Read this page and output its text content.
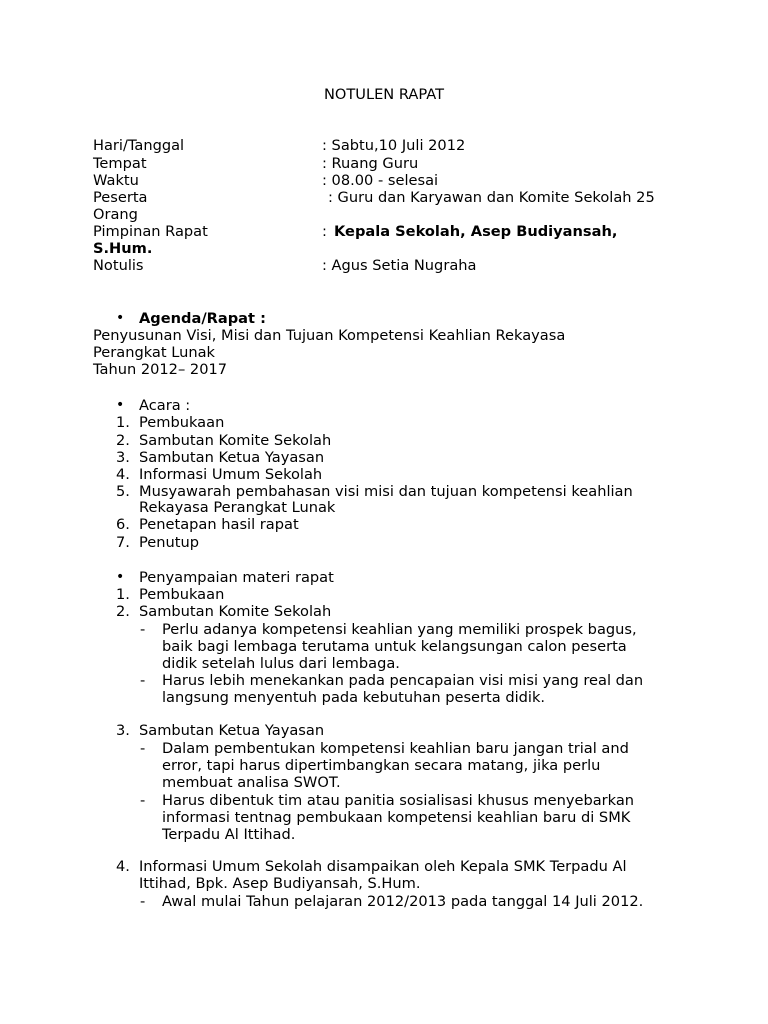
NOTULEN RAPAT
Hari/Tanggal	: Sabtu,10 Juli 2012
Tempat	: Ruang Guru
Waktu	: 08.00 - selesai
Peserta	: Guru dan Karyawan dan Komite Sekolah 25
Orang
Pimpinan Rapat	: Kepala Sekolah, Asep Budiyansah,
S.Hum.
Notulis	: Agus Setia Nugraha
• Agenda/Rapat :
Penyusunan Visi, Misi dan Tujuan Kompetensi Keahlian Rekayasa
Perangkat Lunak
Tahun 2012– 2017
• Acara :
1. Pembukaan
2. Sambutan Komite Sekolah
3. Sambutan Ketua Yayasan
4. Informasi Umum Sekolah
5. Musyawarah pembahasan visi misi dan tujuan kompetensi keahlian
Rekayasa Perangkat Lunak
6. Penetapan hasil rapat
7. Penutup
• Penyampaian materi rapat
1. Pembukaan
2. Sambutan Komite Sekolah
- Perlu adanya kompetensi keahlian yang memiliki prospek bagus,
baik bagi lembaga terutama untuk kelangsungan calon peserta
didik setelah lulus dari lembaga.
- Harus lebih menekankan pada pencapaian visi misi yang real dan
langsung menyentuh pada kebutuhan peserta didik.
3. Sambutan Ketua Yayasan
- Dalam pembentukan kompetensi keahlian baru jangan trial and
error, tapi harus dipertimbangkan secara matang, jika perlu
membuat analisa SWOT.
- Harus dibentuk tim atau panitia sosialisasi khusus menyebarkan
informasi tentnag pembukaan kompetensi keahlian baru di SMK
Terpadu Al Ittihad.
4. Informasi Umum Sekolah disampaikan oleh Kepala SMK Terpadu Al
Ittihad, Bpk. Asep Budiyansah, S.Hum.
- Awal mulai Tahun pelajaran 2012/2013 pada tanggal 14 Juli 2012.
